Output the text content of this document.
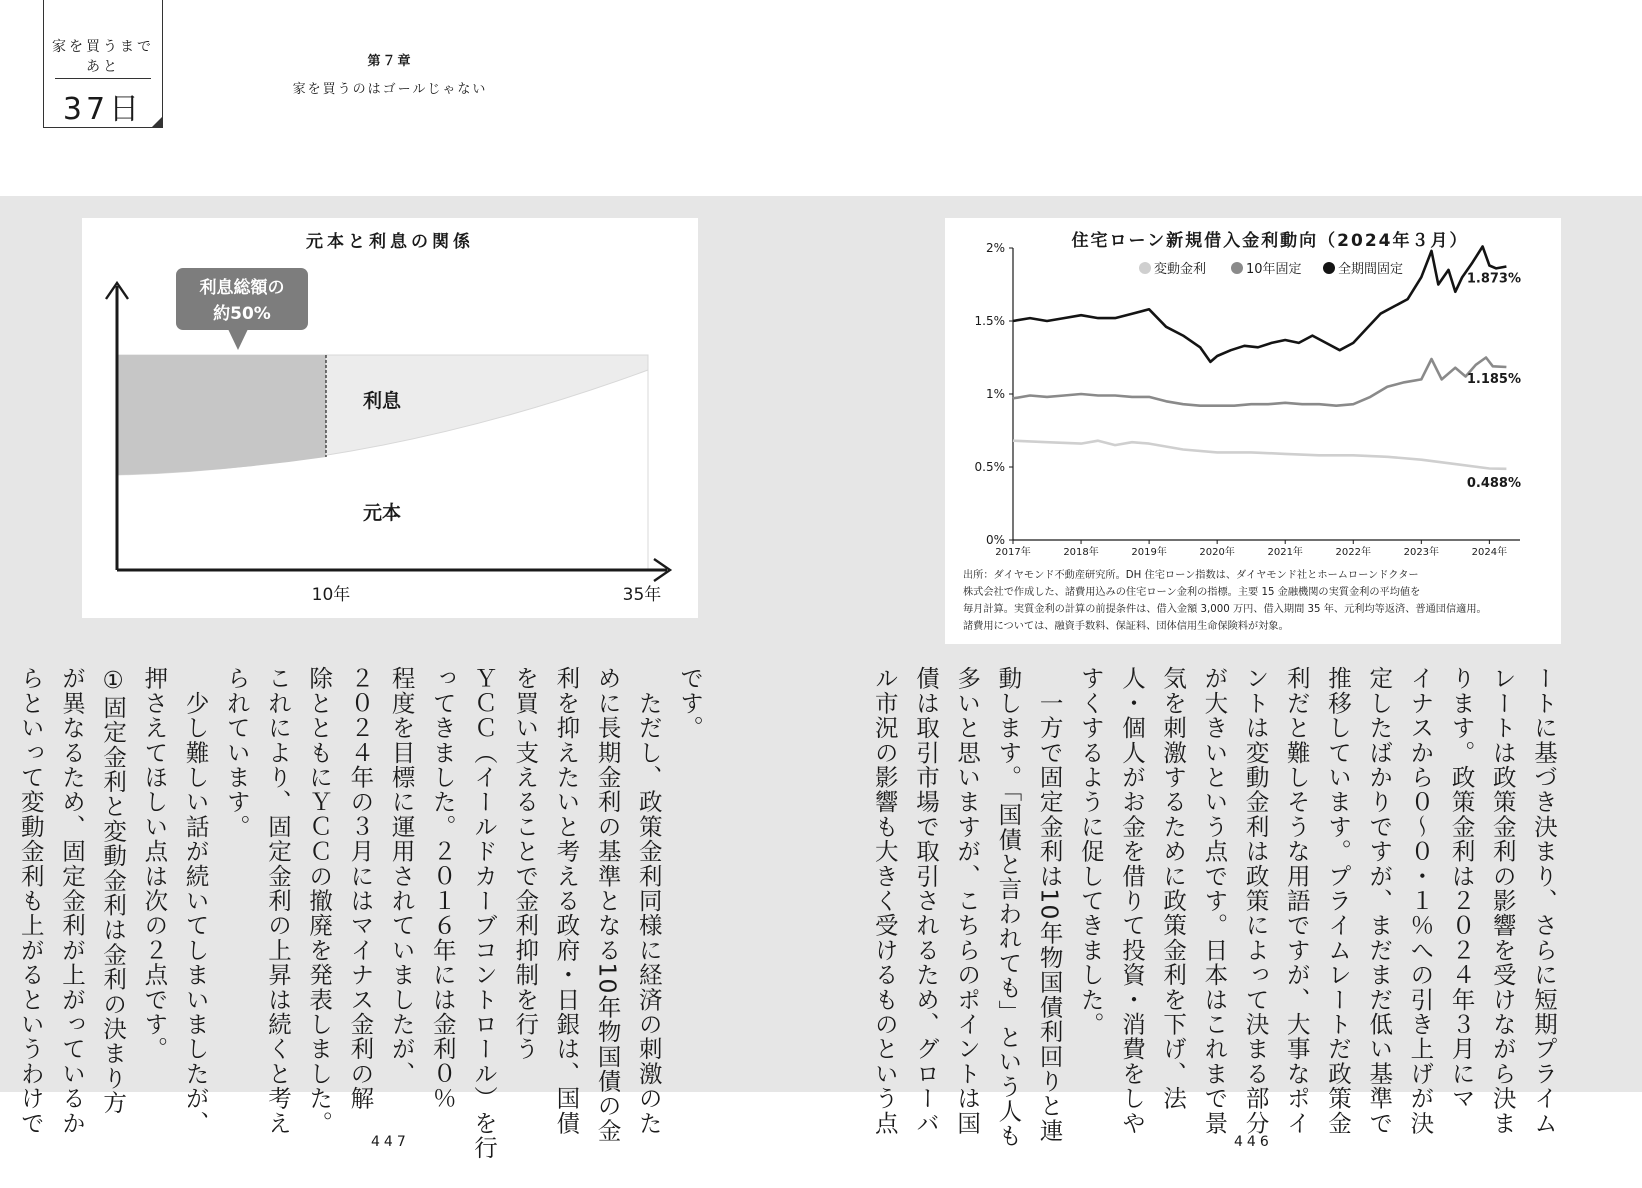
家を買うまで
あと
37日
第７章
家を買うのはゴールじゃない
元本と利息の関係
利息総額の
約50%
利息
元本
10年	35年
住宅ローン新規借入金利動向（2024年３月）
2%
1.5%
1%
0.5%
0%
2017年	2018年	2019年	2020年	2021年	2022年	2023年	2024年
1.873%
1.185%
0.488%
変動金利	10年固定	全期間固定
出所：ダイヤモンド不動産研究所。DH 住宅ローン指数は、ダイヤモンド社とホームローンドクター
株式会社で作成した、諸費用込みの住宅ローン金利の指標。主要 15 金融機関の実質金利の平均値を
毎月計算。実質金利の計算の前提条件は、借入金額 3,000 万円、借入期間 35 年、元利均等返済、普通団信適用。
諸費用については、融資手数料、保証料、団体信用生命保険料が対象。
ートに基づき決まり、さらに短期プライム
レートは政策金利の影響を受けながら決ま
ります。政策金利は２０２４年３月にマ
イナスから０〜０・１％への引き上げが決
定したばかりですが、まだまだ低い基準で
推移しています。プライムレートだ政策金
利だと難しそうな用語ですが、大事なポイ
ントは変動金利は政策によって決まる部分
が大きいという点です。日本はこれまで景
気を刺激するために政策金利を下げ、法
人・個人がお金を借りて投資・消費をしや
すくするように促してきました。
　一方で固定金利は10年物国債利回りと連
動します。「国債と言われても」という人も
多いと思いますが、こちらのポイントは国
債は取引市場で取引されるため、グローバ
ル市況の影響も大きく受けるものという点
です。
　ただし、政策金利同様に経済の刺激のた
めに長期金利の基準となる10年物国債の金
利を抑えたいと考える政府・日銀は、国債
を買い支えることで金利抑制を行う
ＹＣＣ（イールドカーブコントロール）を行
ってきました。２０１６年には金利０％
程度を目標に運用されていましたが、
２０２４年の３月にはマイナス金利の解
除とともにＹＣＣの撤廃を発表しました。
これにより、固定金利の上昇は続くと考え
られています。
　少し難しい話が続いてしまいましたが、
押さえてほしい点は次の２点です。
①固定金利と変動金利は金利の決まり方
が異なるため、固定金利が上がっているか
らといって変動金利も上がるというわけで
447	446
